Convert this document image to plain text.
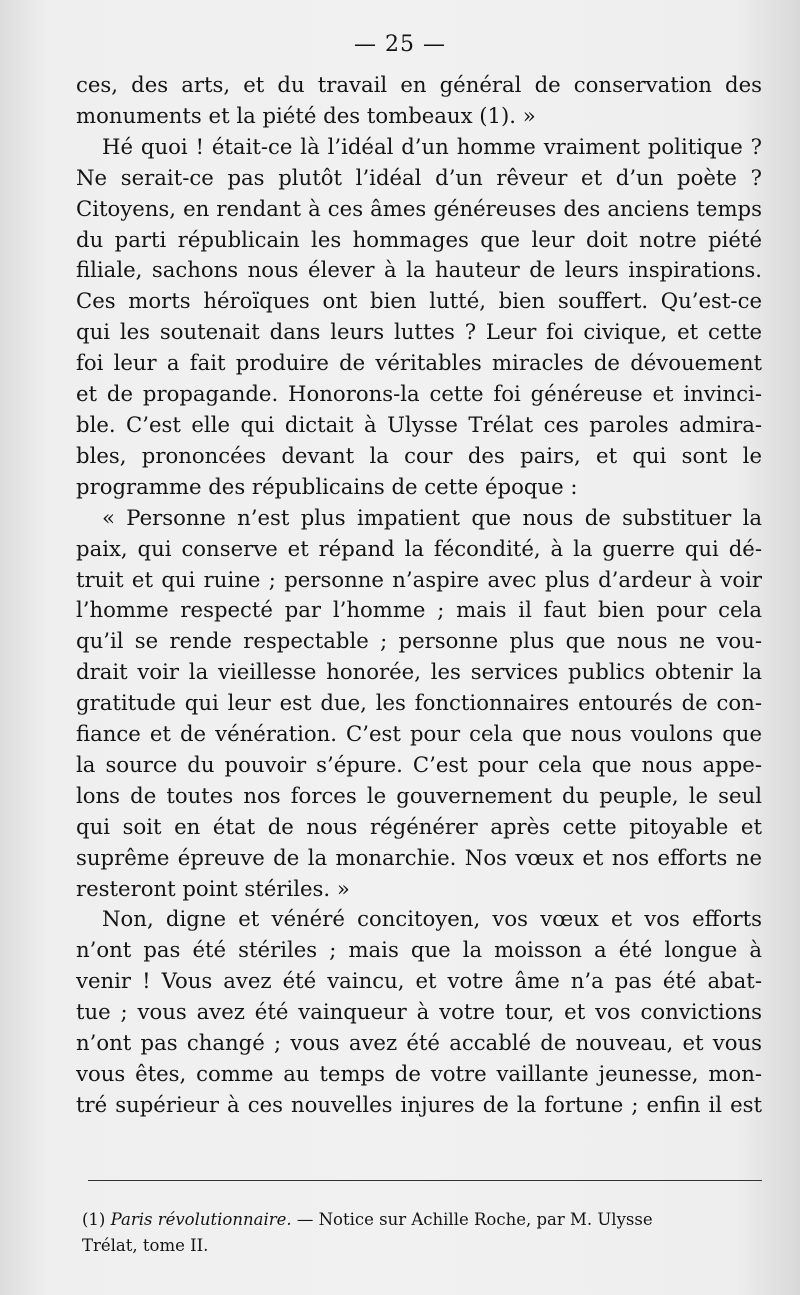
— 25 —
ces, des arts, et du travail en général de conservation des
monuments et la piété des tombeaux (1). »
Hé quoi ! était-ce là l’idéal d’un homme vraiment politique ?
Ne serait-ce pas plutôt l’idéal d’un rêveur et d’un poète ?
Citoyens, en rendant à ces âmes généreuses des anciens temps
du parti républicain les hommages que leur doit notre piété
filiale, sachons nous élever à la hauteur de leurs inspirations.
Ces morts héroïques ont bien lutté, bien souffert. Qu’est-ce
qui les soutenait dans leurs luttes ? Leur foi civique, et cette
foi leur a fait produire de véritables miracles de dévouement
et de propagande. Honorons-la cette foi généreuse et invinci-
ble. C’est elle qui dictait à Ulysse Trélat ces paroles admira-
bles, prononcées devant la cour des pairs, et qui sont le
programme des républicains de cette époque :
« Personne n’est plus impatient que nous de substituer la
paix, qui conserve et répand la fécondité, à la guerre qui dé-
truit et qui ruine ; personne n’aspire avec plus d’ardeur à voir
l’homme respecté par l’homme ; mais il faut bien pour cela
qu’il se rende respectable ; personne plus que nous ne vou-
drait voir la vieillesse honorée, les services publics obtenir la
gratitude qui leur est due, les fonctionnaires entourés de con-
fiance et de vénération. C’est pour cela que nous voulons que
la source du pouvoir s’épure. C’est pour cela que nous appe-
lons de toutes nos forces le gouvernement du peuple, le seul
qui soit en état de nous régénérer après cette pitoyable et
suprême épreuve de la monarchie. Nos vœux et nos efforts ne
resteront point stériles. »
Non, digne et vénéré concitoyen, vos vœux et vos efforts
n’ont pas été stériles ; mais que la moisson a été longue à
venir ! Vous avez été vaincu, et votre âme n’a pas été abat-
tue ; vous avez été vainqueur à votre tour, et vos convictions
n’ont pas changé ; vous avez été accablé de nouveau, et vous
vous êtes, comme au temps de votre vaillante jeunesse, mon-
tré supérieur à ces nouvelles injures de la fortune ; enfin il est
(1) Paris révolutionnaire. — Notice sur Achille Roche, par M. Ulysse
Trélat, tome II.
